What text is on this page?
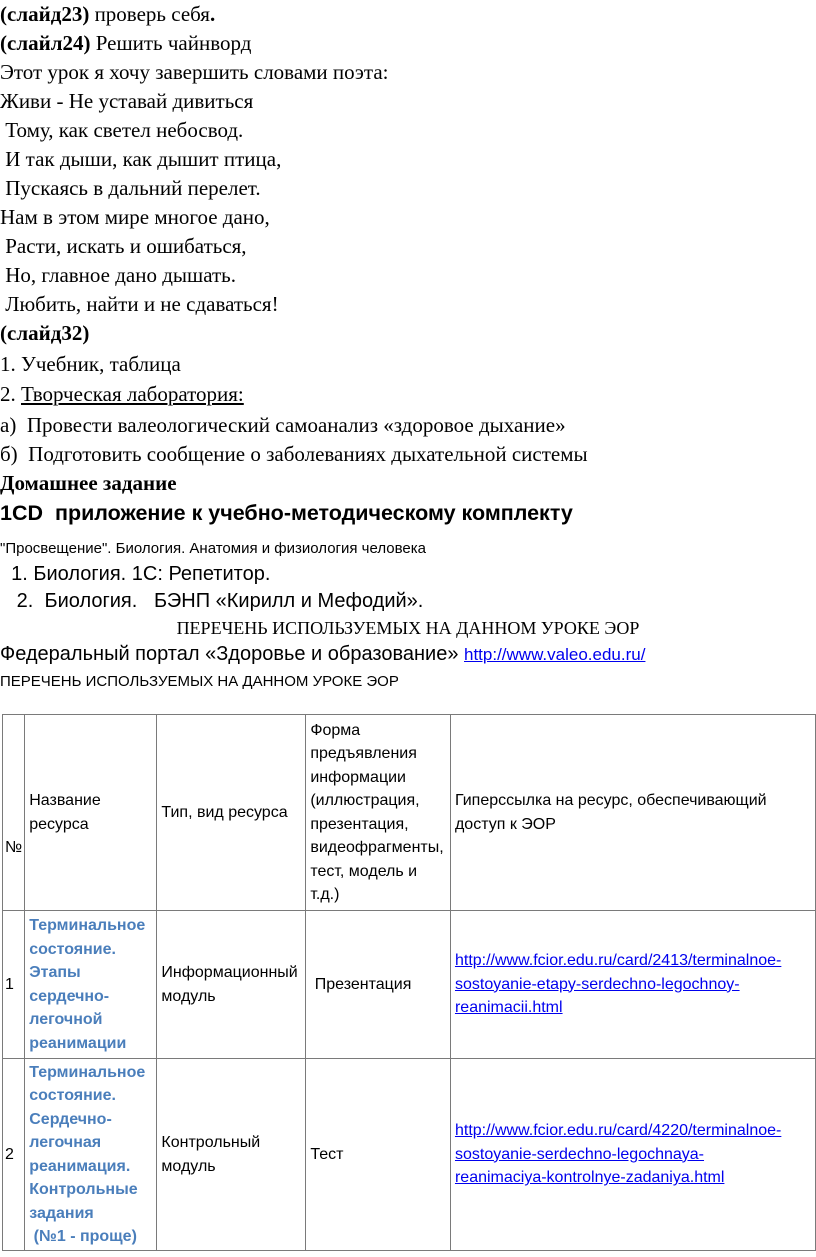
(слайд23) проверь себя.
(слайл24) Решить чайнворд
Этот урок я хочу завершить словами поэта:
Живи - Не уставай дивиться
Тому, как светел небосвод.
И так дыши, как дышит птица,
Пускаясь в дальний перелет.
Нам в этом мире многое дано,
Расти, искать и ошибаться,
Но, главное дано дышать.
Любить, найти и не сдаваться!
(слайд32)
1. Учебник, таблица
2. Творческая лаборатория:
а)  Провести валеологический самоанализ «здоровое дыхание»
б)  Подготовить сообщение о заболеваниях дыхательной системы
Домашнее задание
1CD  приложение к учебно-методическому комплекту
"Просвещение". Биология. Анатомия и физиология человека
1. Биология. 1С: Репетитор.
2.  Биология.   БЭНП «Кирилл и Мефодий».
ПЕРЕЧЕНЬ ИСПОЛЬЗУЕМЫХ НА ДАННОМ УРОКЕ ЭОР
Федеральный портал «Здоровье и образование» http://www.valeo.edu.ru/
ПЕРЕЧЕНЬ ИСПОЛЬЗУЕМЫХ НА ДАННОМ УРОКЕ ЭОР
№	Название ресурса	Тип, вид ресурса	Форма предъявления информации (иллюстрация, презентация, видеофрагменты, тест, модель и т.д.)	Гиперссылка на ресурс, обеспечивающий доступ к ЭОР
1	Терминальное состояние. Этапы сердечно-легочной реанимации	Информационный модуль	Презентация	http://www.fcior.edu.ru/card/2413/terminalnoe-sostoyanie-etapy-serdechno-legochnoy-reanimacii.html

2	Терминальное состояние. Сердечно-легочная реанимация. Контрольные задания
(№1 - проще)	Контрольный модуль	Тест	http://www.fcior.edu.ru/card/4220/terminalnoe-sostoyanie-serdechno-legochnaya-reanimaciya-kontrolnye-zadaniya.html
